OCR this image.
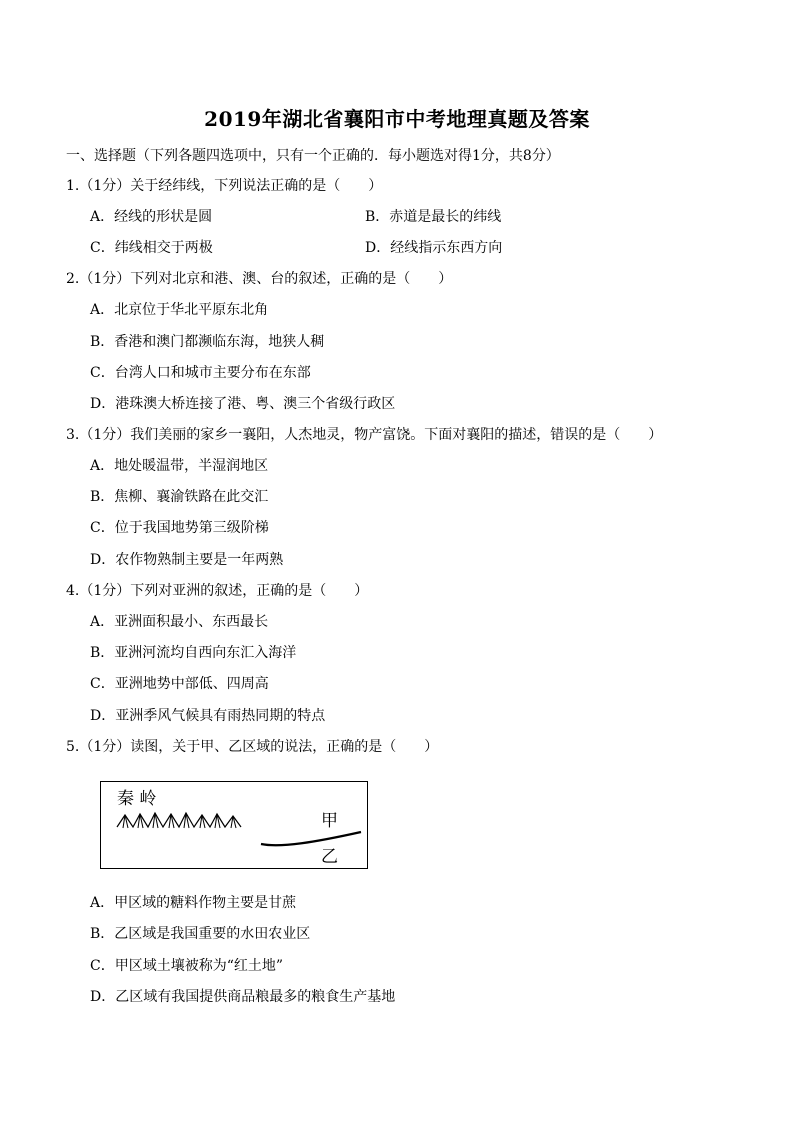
2019年湖北省襄阳市中考地理真题及答案
一、选择题（下列各题四选项中，只有一个正确的．每小题选对得1分，共8分）
1.（1分）关于经纬线，下列说法正确的是（　　）
A．经线的形状是圆	B．赤道是最长的纬线
C．纬线相交于两极	D．经线指示东西方向
2.（1分）下列对北京和港、澳、台的叙述，正确的是（　　）
A．北京位于华北平原东北角
B．香港和澳门都濒临东海，地狭人稠
C．台湾人口和城市主要分布在东部
D．港珠澳大桥连接了港、粤、澳三个省级行政区
3.（1分）我们美丽的家乡一襄阳，人杰地灵，物产富饶。下面对襄阳的描述，错误的是（　　）
A．地处暖温带，半湿润地区
B．焦柳、襄渝铁路在此交汇
C．位于我国地势第三级阶梯
D．农作物熟制主要是一年两熟
4.（1分）下列对亚洲的叙述，正确的是（　　）
A．亚洲面积最小、东西最长
B．亚洲河流均自西向东汇入海洋
C．亚洲地势中部低、四周高
D．亚洲季风气候具有雨热同期的特点
5.（1分）读图，关于甲、乙区域的说法，正确的是（　　）
秦 岭
甲
乙
A．甲区域的糖料作物主要是甘蔗
B．乙区域是我国重要的水田农业区
C．甲区域土壤被称为“红土地”
D．乙区域有我国提供商品粮最多的粮食生产基地
